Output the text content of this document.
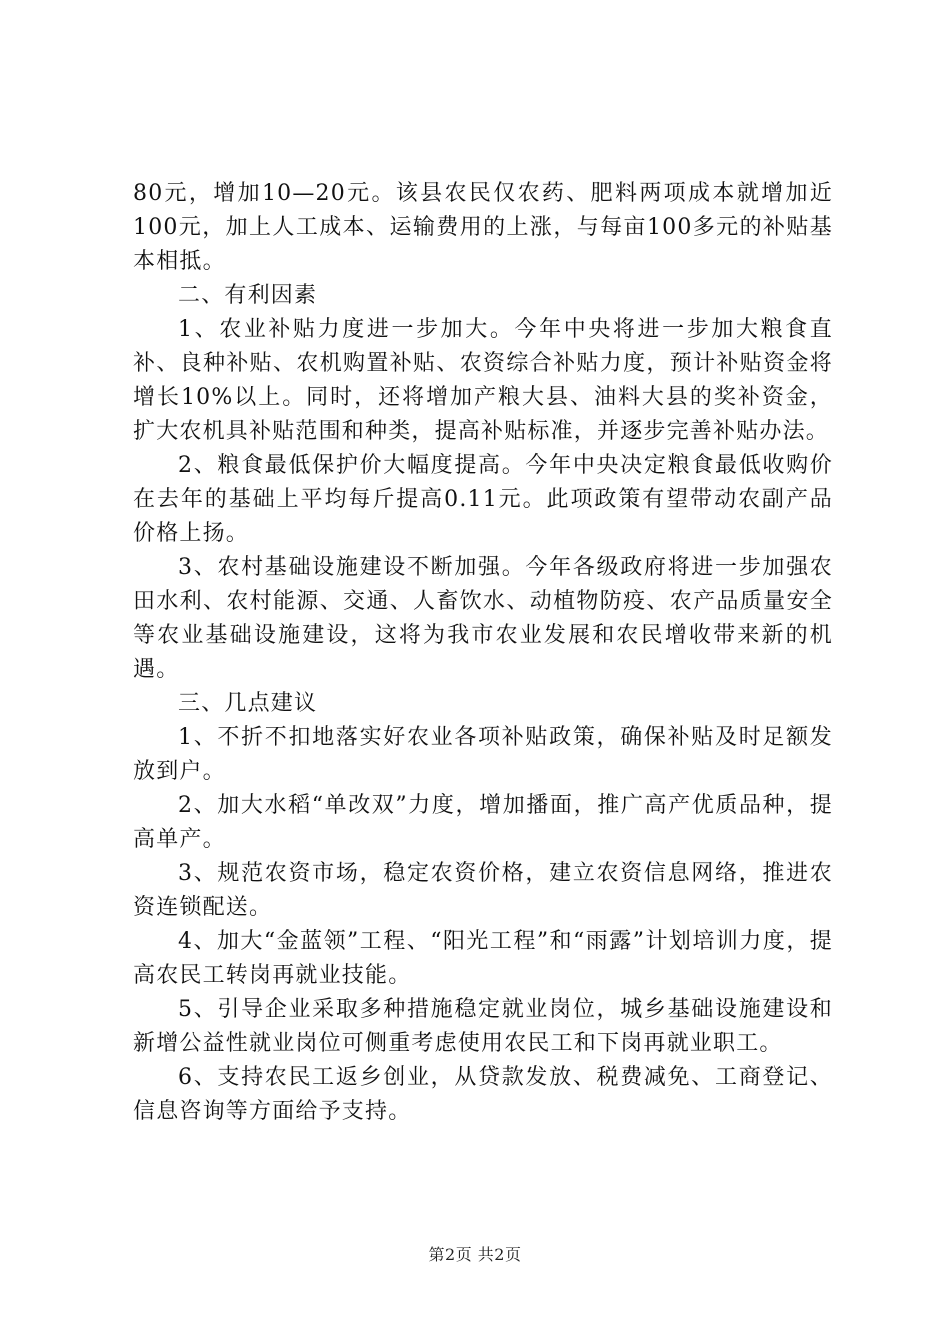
80元，增加10—20元。该县农民仅农药、肥料两项成本就增加近100元，加上人工成本、运输费用的上涨，与每亩100多元的补贴基本相抵。

二、有利因素

1、农业补贴力度进一步加大。今年中央将进一步加大粮食直补、良种补贴、农机购置补贴、农资综合补贴力度，预计补贴资金将增长10%以上。同时，还将增加产粮大县、油料大县的奖补资金，扩大农机具补贴范围和种类，提高补贴标准，并逐步完善补贴办法。

2、粮食最低保护价大幅度提高。今年中央决定粮食最低收购价在去年的基础上平均每斤提高0.11元。此项政策有望带动农副产品价格上扬。

3、农村基础设施建设不断加强。今年各级政府将进一步加强农田水利、农村能源、交通、人畜饮水、动植物防疫、农产品质量安全等农业基础设施建设，这将为我市农业发展和农民增收带来新的机遇。

三、几点建议

1、不折不扣地落实好农业各项补贴政策，确保补贴及时足额发放到户。

2、加大水稻“单改双”力度，增加播面，推广高产优质品种，提高单产。

3、规范农资市场，稳定农资价格，建立农资信息网络，推进农资连锁配送。

4、加大“金蓝领”工程、“阳光工程”和“雨露”计划培训力度，提高农民工转岗再就业技能。

5、引导企业采取多种措施稳定就业岗位，城乡基础设施建设和新增公益性就业岗位可侧重考虑使用农民工和下岗再就业职工。

6、支持农民工返乡创业，从贷款发放、税费减免、工商登记、信息咨询等方面给予支持。

第2页 共2页
